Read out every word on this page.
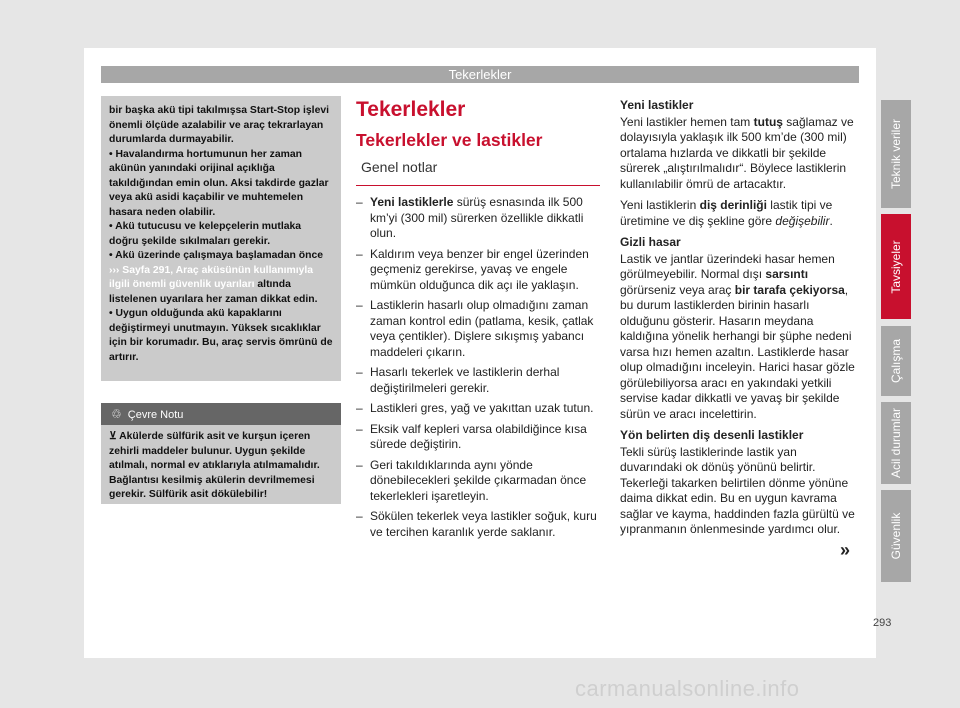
Tekerlekler

bir başka akü tipi takılmışsa Start-Stop işlevi önemli ölçüde azalabilir ve araç tekrarlayan durumlarda durmayabilir.

• Havalandırma hortumunun her zaman akünün yanındaki orijinal açıklığa takıldığından emin olun. Aksi takdirde gazlar veya akü asidi kaçabilir ve muhtemelen hasara neden olabilir.

• Akü tutucusu ve kelepçelerin mutlaka doğru şekilde sıkılmaları gerekir.

• Akü üzerinde çalışmaya başlamadan önce ››› Sayfa 291, Araç aküsünün kullanımıyla ilgili önemli güvenlik uyarıları altında listelenen uyarılara her zaman dikkat edin.

• Uygun olduğunda akü kapaklarını değiştirmeyi unutmayın. Yüksek sıcaklıklar için bir korumadır. Bu, araç servis ömrünü de artırır.

♲ Çevre Notu
⊻ Akülerde sülfürik asit ve kurşun içeren zehirli maddeler bulunur. Uygun şekilde atılmalı, normal ev atıklarıyla atılmamalıdır. Bağlantısı kesilmiş akülerin devrilmemesi gerekir. Sülfürik asit dökülebilir!
Tekerlekler
Tekerlekler ve lastikler
Genel notlar
– Yeni lastiklerle sürüş esnasında ilk 500 km’yi (300 mil) sürerken özellikle dikkatli olun.
– Kaldırım veya benzer bir engel üzerinden geçmeniz gerekirse, yavaş ve engele mümkün olduğunca dik açı ile yaklaşın.
– Lastiklerin hasarlı olup olmadığını zaman zaman kontrol edin (patlama, kesik, çatlak veya çentikler). Dişlere sıkışmış yabancı maddeleri çıkarın.
– Hasarlı tekerlek ve lastiklerin derhal değiştirilmeleri gerekir.
– Lastikleri gres, yağ ve yakıttan uzak tutun.
– Eksik valf kepleri varsa olabildiğince kısa sürede değiştirin.
– Geri takıldıklarında aynı yönde dönebilecekleri şekilde çıkarmadan önce tekerlekleri işaretleyin.
– Sökülen tekerlek veya lastikler soğuk, kuru ve tercihen karanlık yerde saklanır.
Yeni lastikler

Yeni lastikler hemen tam tutuş sağlamaz ve dolayısıyla yaklaşık ilk 500 km’de (300 mil) ortalama hızlarda ve dikkatli bir şekilde sürerek „alıştırılmalıdır“. Böylece lastiklerin kullanılabilir ömrü de artacaktır.

Yeni lastiklerin diş derinliği lastik tipi ve üretimine ve diş şekline göre değişebilir.

Gizli hasar

Lastik ve jantlar üzerindeki hasar hemen görülmeyebilir. Normal dışı sarsıntı görürseniz veya araç bir tarafa çekiyorsa, bu durum lastiklerden birinin hasarlı olduğunu gösterir. Hasarın meydana kaldığına yönelik herhangi bir şüphe nedeni varsa hızı hemen azaltın. Lastiklerde hasar olup olmadığını inceleyin. Harici hasar gözle görülebiliyorsa aracı en yakındaki yetkili servise kadar dikkatli ve yavaş bir şekilde sürün ve aracı incelettirin.

Yön belirten diş desenli lastikler

Tekli sürüş lastiklerinde lastik yan duvarındaki ok dönüş yönünü belirtir. Tekerleği takarken belirtilen dönme yönüne daima dikkat edin. Bu en uygun kavrama sağlar ve kayma, haddinden fazla gürültü ve yıpranmanın önlenmesinde yardımcı olur.

»
Teknik veriler
Tavsiyeler
Çalışma
Acil durumlar
Güvenlik
293
carmanualsonline.info
